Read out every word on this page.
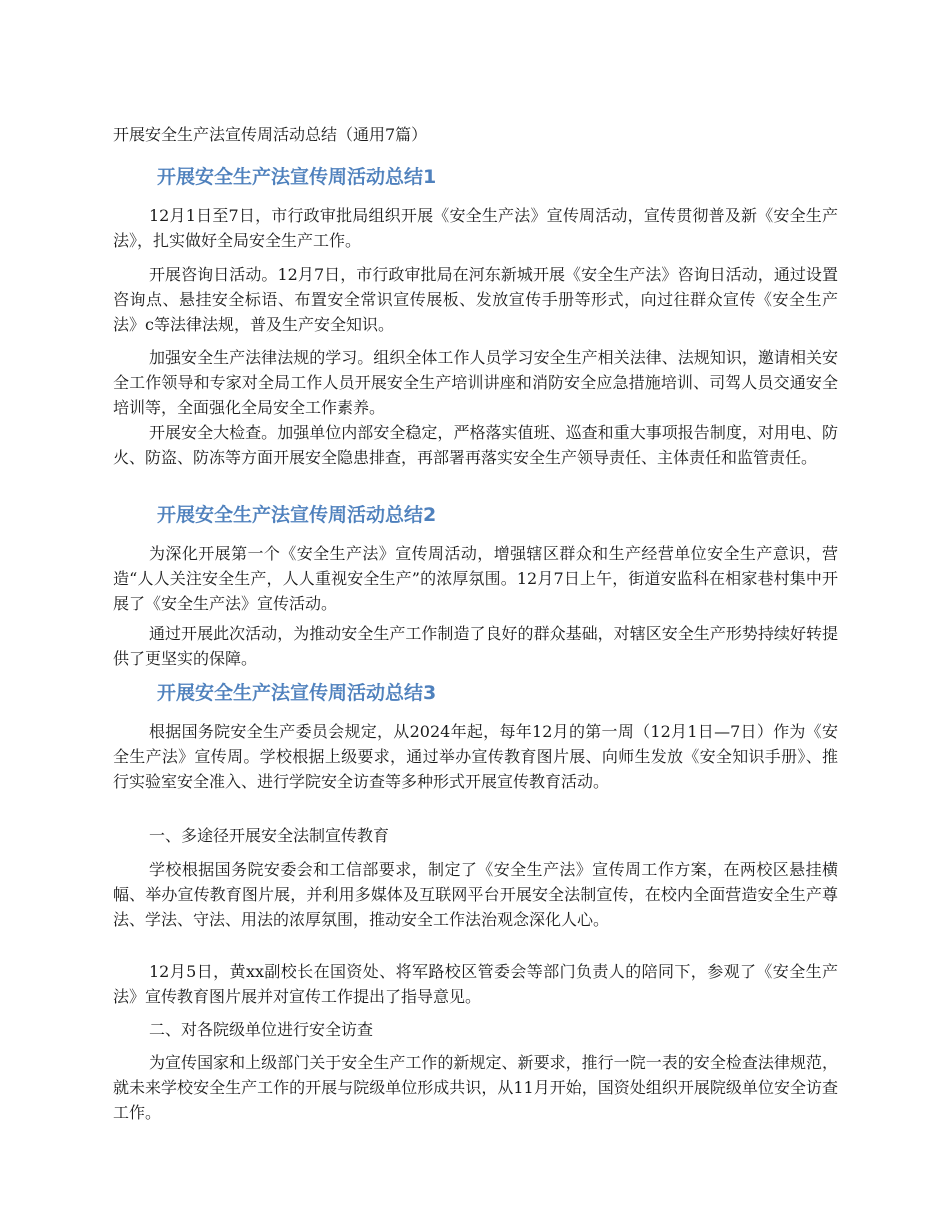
开展安全生产法宣传周活动总结（通用7篇）
开展安全生产法宣传周活动总结1

12月1日至7日，市行政审批局组织开展《安全生产法》宣传周活动，宣传贯彻普及新《安全生产法》，扎实做好全局安全生产工作。

开展咨询日活动。12月7日，市行政审批局在河东新城开展《安全生产法》咨询日活动，通过设置咨询点、悬挂安全标语、布置安全常识宣传展板、发放宣传手册等形式，向过往群众宣传《安全生产法》c等法律法规，普及生产安全知识。

加强安全生产法律法规的学习。组织全体工作人员学习安全生产相关法律、法规知识，邀请相关安全工作领导和专家对全局工作人员开展安全生产培训讲座和消防安全应急措施培训、司驾人员交通安全培训等，全面强化全局安全工作素养。

开展安全大检查。加强单位内部安全稳定，严格落实值班、巡查和重大事项报告制度，对用电、防火、防盗、防冻等方面开展安全隐患排查，再部署再落实安全生产领导责任、主体责任和监管责任。

开展安全生产法宣传周活动总结2

为深化开展第一个《安全生产法》宣传周活动，增强辖区群众和生产经营单位安全生产意识，营造“人人关注安全生产，人人重视安全生产”的浓厚氛围。12月7日上午，街道安监科在相家巷村集中开展了《安全生产法》宣传活动。

通过开展此次活动，为推动安全生产工作制造了良好的群众基础，对辖区安全生产形势持续好转提供了更坚实的保障。

开展安全生产法宣传周活动总结3

根据国务院安全生产委员会规定，从2024年起，每年12月的第一周（12月1日—7日）作为《安全生产法》宣传周。学校根据上级要求，通过举办宣传教育图片展、向师生发放《安全知识手册》、推行实验室安全准入、进行学院安全访查等多种形式开展宣传教育活动。

一、多途径开展安全法制宣传教育

学校根据国务院安委会和工信部要求，制定了《安全生产法》宣传周工作方案，在两校区悬挂横幅、举办宣传教育图片展，并利用多媒体及互联网平台开展安全法制宣传，在校内全面营造安全生产尊法、学法、守法、用法的浓厚氛围，推动安全工作法治观念深化人心。

12月5日，黄xx副校长在国资处、将军路校区管委会等部门负责人的陪同下，参观了《安全生产法》宣传教育图片展并对宣传工作提出了指导意见。

二、对各院级单位进行安全访查

为宣传国家和上级部门关于安全生产工作的新规定、新要求，推行一院一表的安全检查法律规范，就未来学校安全生产工作的开展与院级单位形成共识，从11月开始，国资处组织开展院级单位安全访查工作。
